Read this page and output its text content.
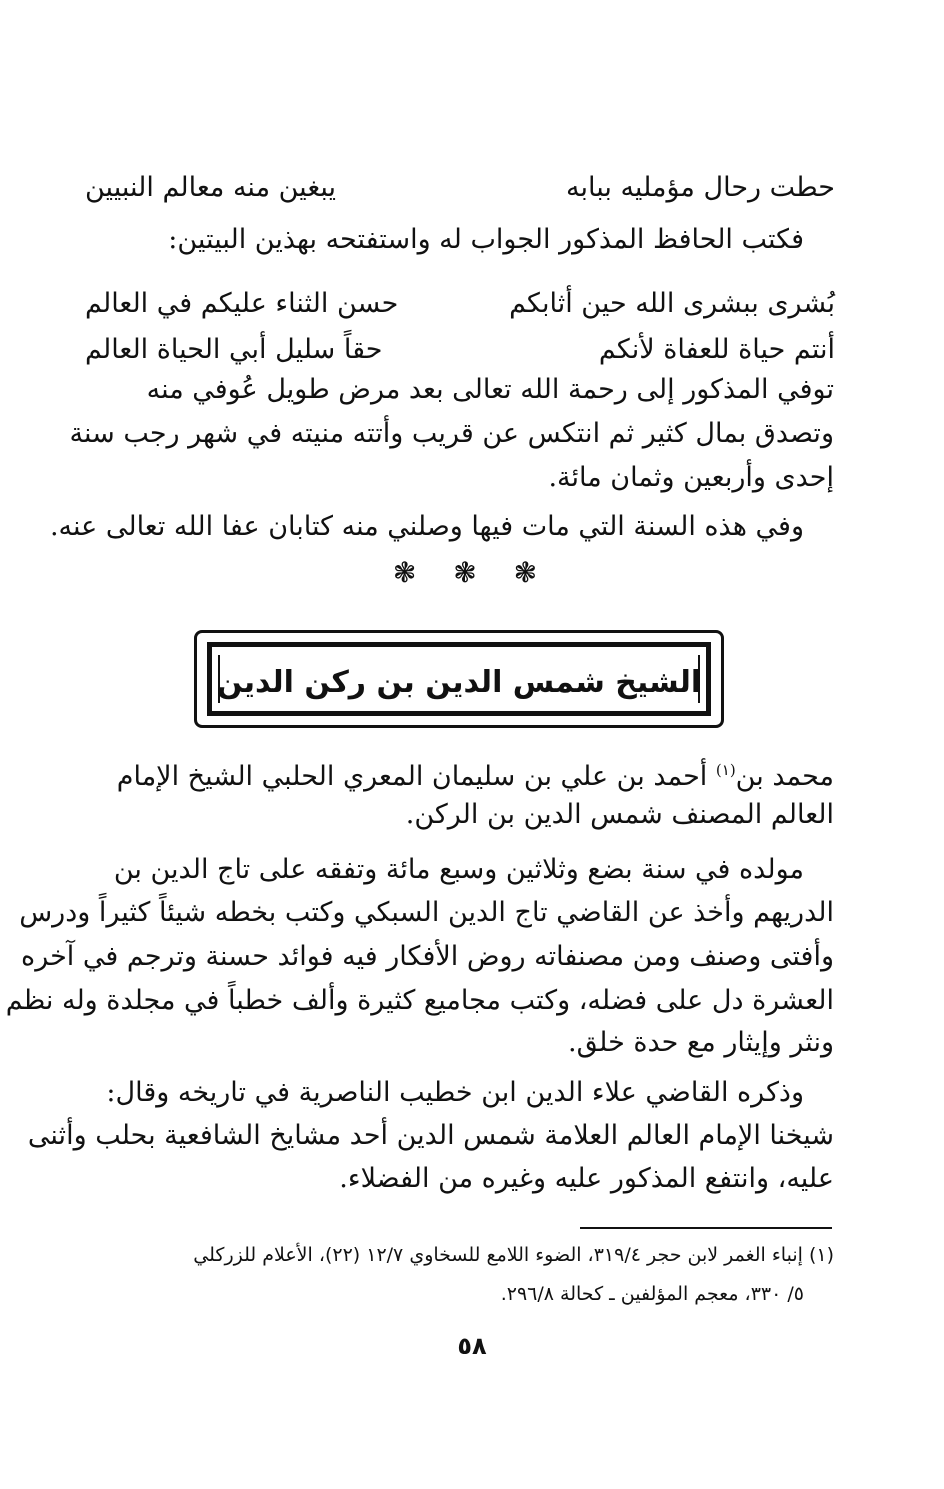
حطت رحال مؤمليه ببابه
يبغين منه معالم النبيين
فكتب الحافظ المذكور الجواب له واستفتحه بهذين البيتين:
بُشرى ببشرى الله حين أثابكم
حسن الثناء عليكم في العالم
أنتم حياة للعفاة لأنكم
حقاً سليل أبي الحياة العالم
توفي المذكور إلى رحمة الله تعالى بعد مرض طويل عُوفي منه
وتصدق بمال كثير ثم انتكس عن قريب وأتته منيته في شهر رجب سنة
إحدى وأربعين وثمان مائة.
وفي هذه السنة التي مات فيها وصلني منه كتابان عفا الله تعالى عنه.
❃ ❃ ❃
الشيخ شمس الدين بن ركن الدين
محمد بن$^{(١)}$ أحمد بن علي بن سليمان المعري الحلبي الشيخ الإمام
العالم المصنف شمس الدين بن الركن.
مولده في سنة بضع وثلاثين وسبع مائة وتفقه على تاج الدين بن
الدريهم وأخذ عن القاضي تاج الدين السبكي وكتب بخطه شيئاً كثيراً ودرس
وأفتى وصنف ومن مصنفاته روض الأفكار فيه فوائد حسنة وترجم في آخره
العشرة دل على فضله، وكتب مجاميع كثيرة وألف خطباً في مجلدة وله نظم
ونثر وإيثار مع حدة خلق.
وذكره القاضي علاء الدين ابن خطيب الناصرية في تاريخه وقال:
شيخنا الإمام العالم العلامة شمس الدين أحد مشايخ الشافعية بحلب وأثنى
عليه، وانتفع المذكور عليه وغيره من الفضلاء.
(١) إنباء الغمر لابن حجر ٣١٩/٤، الضوء اللامع للسخاوي ١٢/٧ (٢٢)، الأعلام للزركلي
٥/ ٣٣٠، معجم المؤلفين ـ كحالة ٢٩٦/٨.
٥٨
